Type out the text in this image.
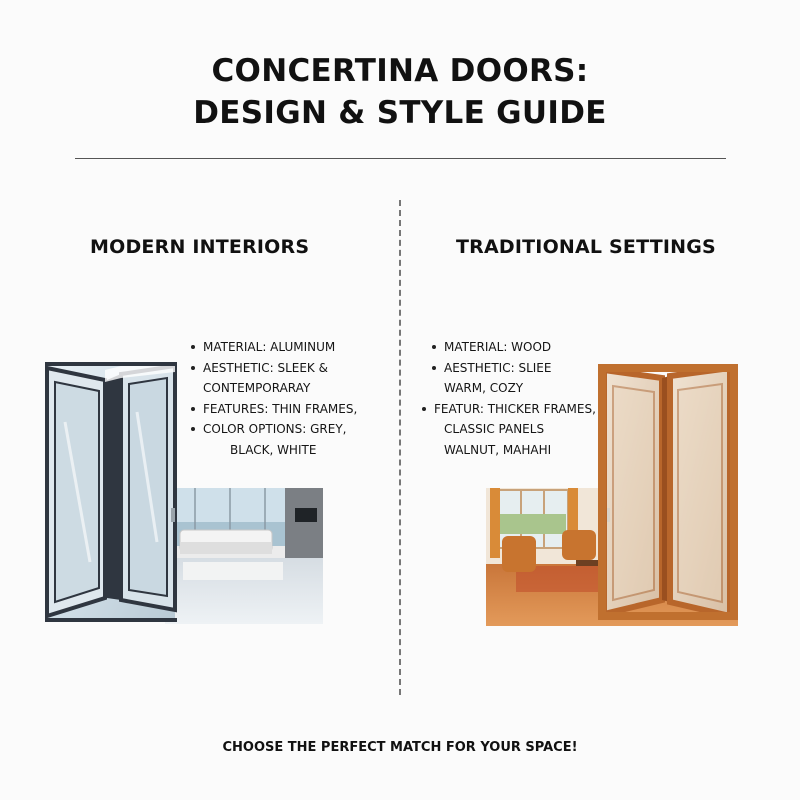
CONCERTINA DOORS:
DESIGN & STYLE GUIDE
MODERN INTERIORS	TRADITIONAL SETTINGS
MATERIAL: ALUMINUM
AESTHETIC: SLEEK &
CONTEMPORARAY
FEATURES: THIN FRAMES,
COLOR OPTIONS: GREY,
BLACK, WHITE
MATERIAL: WOOD
AESTHETIC: SLIEE
WARM, COZY
FEATUR: THICKER FRAMES,
CLASSIC PANELS
WALNUT, MAHAHI
CHOOSE THE PERFECT MATCH FOR YOUR SPACE!
